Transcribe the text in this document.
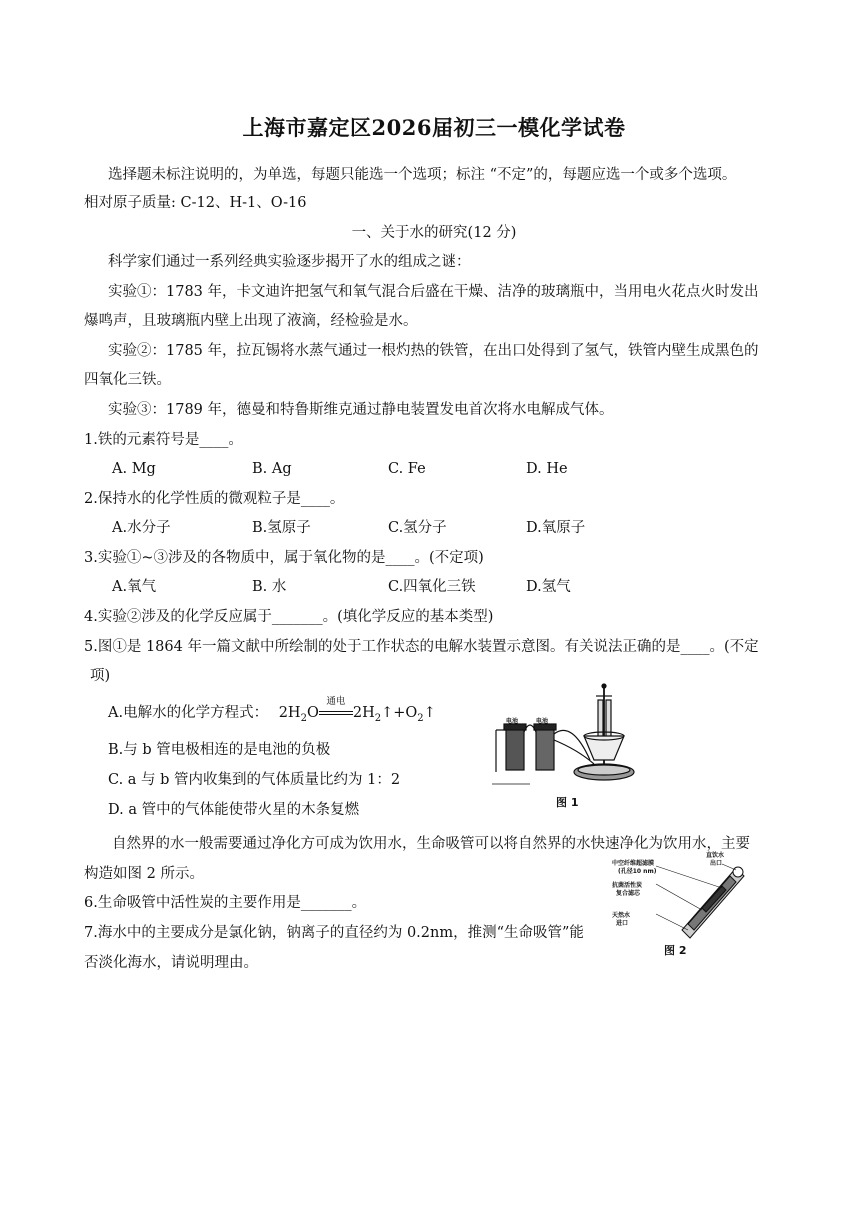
上海市嘉定区2026届初三一模化学试卷
选择题未标注说明的，为单选，每题只能选一个选项；标注 “不定”的，每题应选一个或多个选项。
相对原子质量: C-12、H-1、O-16
一、关于水的研究(12 分)
科学家们通过一系列经典实验逐步揭开了水的组成之谜：
实验①：1783 年，卡文迪许把氢气和氧气混合后盛在干燥、洁净的玻璃瓶中，当用电火花点火时发出
爆鸣声，且玻璃瓶内壁上出现了液滴，经检验是水。
实验②：1785 年，拉瓦锡将水蒸气通过一根灼热的铁管，在出口处得到了氢气，铁管内壁生成黑色的
四氧化三铁。
实验③：1789 年，德曼和特鲁斯维克通过静电装置发电首次将水电解成气体。
1.铁的元素符号是____。
A. Mg	B. Ag	C. Fe	D. He
2.保持水的化学性质的微观粒子是____。
A.水分子	B.氢原子	C.氢分子	D.氧原子
3.实验①~③涉及的各物质中，属于氧化物的是____。(不定项)
A.氧气	B. 水	C.四氧化三铁	D.氢气
4.实验②涉及的化学反应属于_______。(填化学反应的基本类型)
5.图①是 1864 年一篇文献中所绘制的处于工作状态的电解水装置示意图。有关说法正确的是____。(不定
项)
A.电解水的化学方程式： $2H_2O$
通电
$2H_2↑+O_2↑$
B.与 b 管电极相连的是电池的负极
C. a 与 b 管内收集到的气体质量比约为 1：2
D. a 管中的气体能使带火星的木条复燃
电池	电池
图 1
自然界的水一般需要通过净化方可成为饮用水，生命吸管可以将自然界的水快速净化为饮用水，主要
构造如图 2 所示。
6.生命吸管中活性炭的主要作用是_______。
7.海水中的主要成分是氯化钠，钠离子的直径约为 0.2nm，推测“生命吸管”能
否淡化海水，请说明理由。
中空纤维超滤膜
(孔径10 nm)
抗菌活性炭
复合滤芯
天然水
进口
直饮水
出口
图 2
